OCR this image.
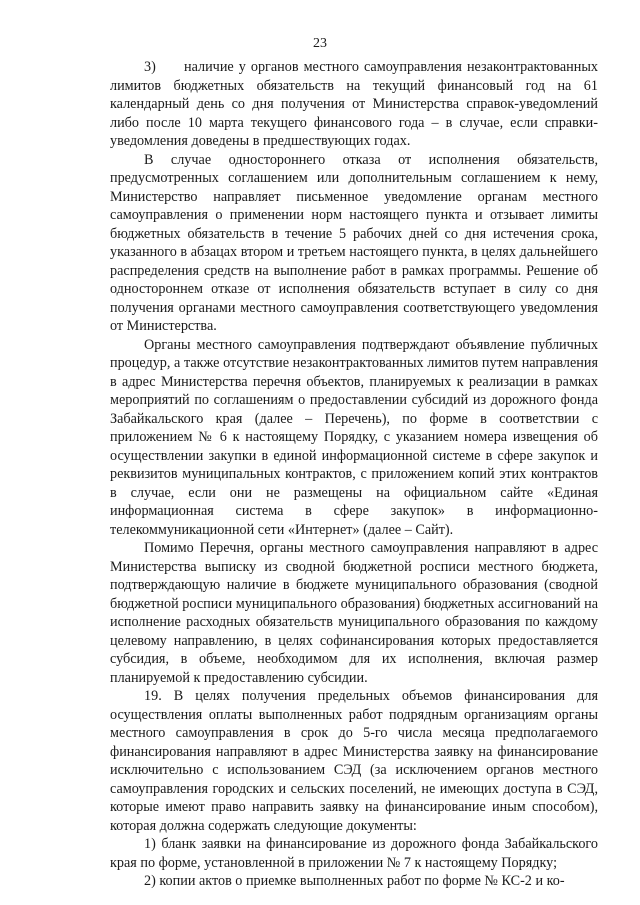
23

3) наличие у органов местного самоуправления незаконтрактованных лимитов бюджетных обязательств на текущий финансовый год на 61 календарный день со дня получения от Министерства справок-уведомлений либо после 10 марта текущего финансового года – в случае, если справки-уведомления доведены в предшествующих годах.

В случае одностороннего отказа от исполнения обязательств, предусмотренных соглашением или дополнительным соглашением к нему, Министерство направляет письменное уведомление органам местного самоуправления о применении норм настоящего пункта и отзывает лимиты бюджетных обязательств в течение 5 рабочих дней со дня истечения срока, указанного в абзацах втором и третьем настоящего пункта, в целях дальнейшего распределения средств на выполнение работ в рамках программы. Решение об одностороннем отказе от исполнения обязательств вступает в силу со дня получения органами местного самоуправления соответствующего уведомления от Министерства.

Органы местного самоуправления подтверждают объявление публичных процедур, а также отсутствие незаконтрактованных лимитов путем направления в адрес Министерства перечня объектов, планируемых к реализации в рамках мероприятий по соглашениям о предоставлении субсидий из дорожного фонда Забайкальского края (далее – Перечень), по форме в соответствии с приложением № 6 к настоящему Порядку, с указанием номера извещения об осуществлении закупки в единой информационной системе в сфере закупок и реквизитов муниципальных контрактов, с приложением копий этих контрактов в случае, если они не размещены на официальном сайте «Единая информационная система в сфере закупок» в информационно-телекоммуникационной сети «Интернет» (далее – Сайт).

Помимо Перечня, органы местного самоуправления направляют в адрес Министерства выписку из сводной бюджетной росписи местного бюджета, подтверждающую наличие в бюджете муниципального образования (сводной бюджетной росписи муниципального образования) бюджетных ассигнований на исполнение расходных обязательств муниципального образования по каждому целевому направлению, в целях софинансирования которых предоставляется субсидия, в объеме, необходимом для их исполнения, включая размер планируемой к предоставлению субсидии.

19. В целях получения предельных объемов финансирования для осуществления оплаты выполненных работ подрядным организациям органы местного самоуправления в срок до 5-го числа месяца предполагаемого финансирования направляют в адрес Министерства заявку на финансирование исключительно с использованием СЭД (за исключением органов местного самоуправления городских и сельских поселений, не имеющих доступа в СЭД, которые имеют право направить заявку на финансирование иным способом), которая должна содержать следующие документы:

1) бланк заявки на финансирование из дорожного фонда Забайкальского края по форме, установленной в приложении № 7 к настоящему Порядку;

2) копии актов о приемке выполненных работ по форме № КС-2 и ко-
